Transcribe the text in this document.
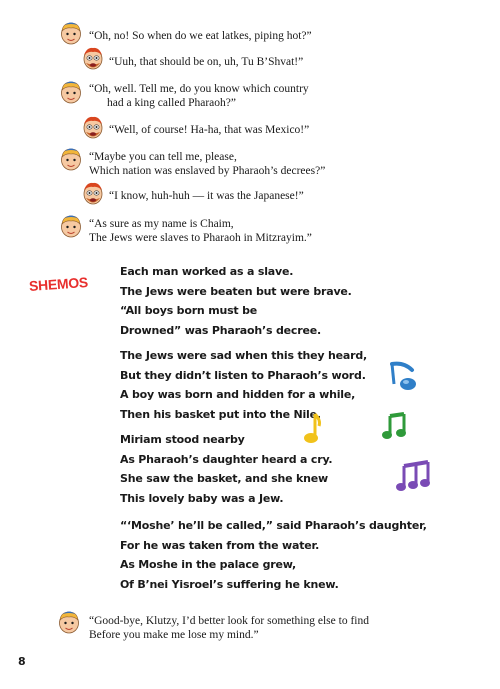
“Oh, no! So when do we eat latkes, piping hot?”
“Uuh, that should be on, uh, Tu B’Shvat!”
“Oh, well. Tell me, do you know which country
had a king called Pharaoh?”
“Well, of course! Ha-ha, that was Mexico!”
“Maybe you can tell me, please,
Which nation was enslaved by Pharaoh’s decrees?”
“I know, huh-huh — it was the Japanese!”
“As sure as my name is Chaim,
The Jews were slaves to Pharaoh in Mitzrayim.”
SHEMOS
Each man worked as a slave.
The Jews were beaten but were brave.
“All boys born must be
Drowned” was Pharaoh’s decree.
The Jews were sad when this they heard,
But they didn’t listen to Pharaoh’s word.
A boy was born and hidden for a while,
Then his basket put into the Nile.
Miriam stood nearby
As Pharaoh’s daughter heard a cry.
She saw the basket, and she knew
This lovely baby was a Jew.
“‘Moshe’ he’ll be called,” said Pharaoh’s daughter,
For he was taken from the water.
As Moshe in the palace grew,
Of B’nei Yisroel’s suffering he knew.
“Good-bye, Klutzy, I’d better look for something else to find
Before you make me lose my mind.”
8
